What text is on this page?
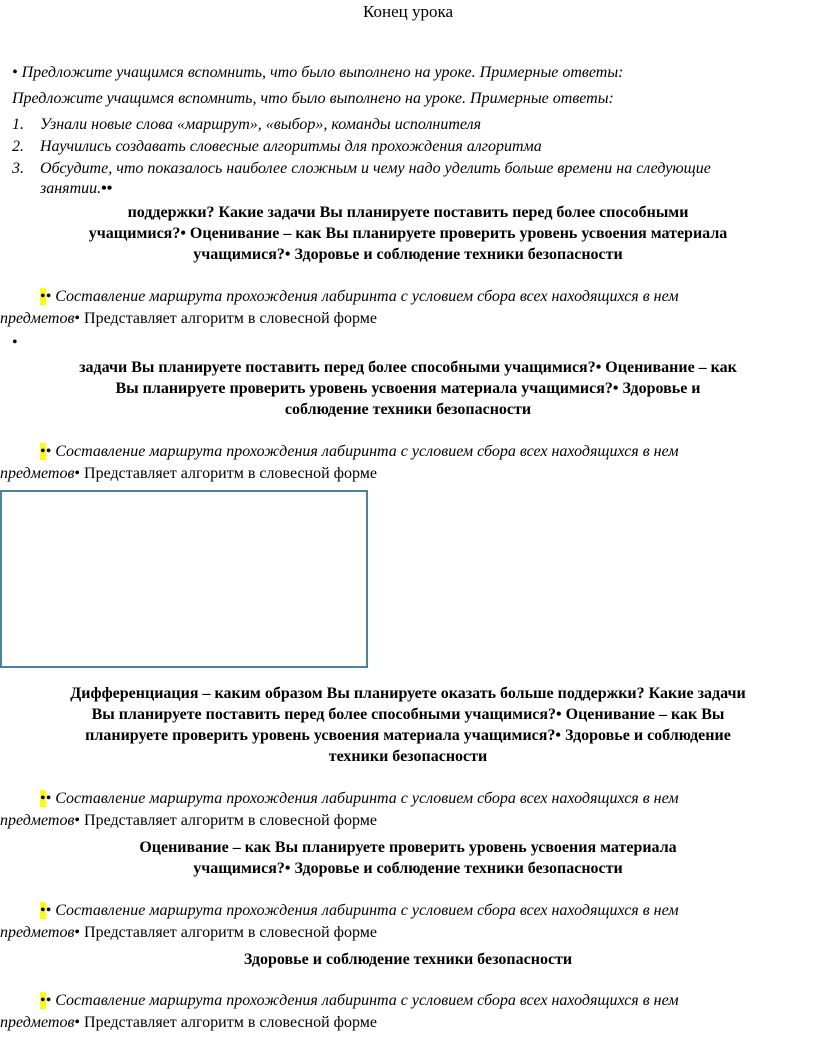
Конец урока
• Предложите учащимся вспомнить, что было выполнено на уроке. Примерные ответы:
Предложите учащимся вспомнить, что было выполнено на уроке. Примерные ответы:
1. Узнали новые слова «маршрут», «выбор», команды исполнителя
2. Научились создавать словесные алгоритмы для прохождения алгоритма
3. Обсудите, что показалось наиболее сложным и чему надо уделить больше времени на следующие
занятии.••
поддержки? Какие задачи Вы планируете поставить перед более способными
учащимися?• Оценивание – как Вы планируете проверить уровень усвоения материала
учащимися?• Здоровье и соблюдение техники безопасности
•• Составление маршрута прохождения лабиринта с условием сбора всех находящихся в нем
предметов• Представляет алгоритм в словесной форме
•
задачи Вы планируете поставить перед более способными учащимися?• Оценивание – как
Вы планируете проверить уровень усвоения материала учащимися?• Здоровье и
соблюдение техники безопасности
•• Составление маршрута прохождения лабиринта с условием сбора всех находящихся в нем
предметов• Представляет алгоритм в словесной форме
Дифференциация – каким образом Вы планируете оказать больше поддержки? Какие задачи
Вы планируете поставить перед более способными учащимися?• Оценивание – как Вы
планируете проверить уровень усвоения материала учащимися?• Здоровье и соблюдение
техники безопасности
•• Составление маршрута прохождения лабиринта с условием сбора всех находящихся в нем
предметов• Представляет алгоритм в словесной форме
Оценивание – как Вы планируете проверить уровень усвоения материала
учащимися?• Здоровье и соблюдение техники безопасности
•• Составление маршрута прохождения лабиринта с условием сбора всех находящихся в нем
предметов• Представляет алгоритм в словесной форме
Здоровье и соблюдение техники безопасности
•• Составление маршрута прохождения лабиринта с условием сбора всех находящихся в нем
предметов• Представляет алгоритм в словесной форме
